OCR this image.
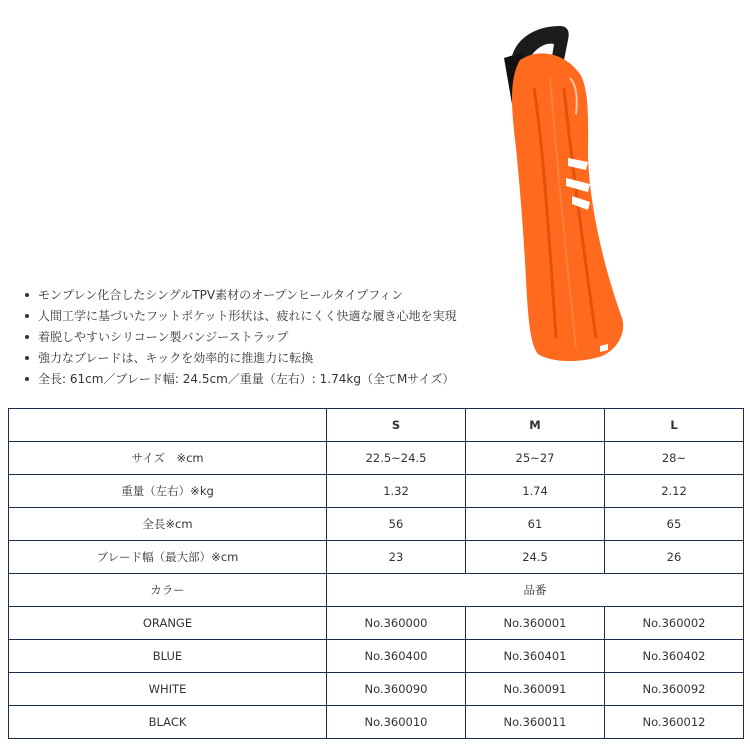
モンプレン化合したシングルTPV素材のオープンヒールタイプフィン
人間工学に基づいたフットポケット形状は、疲れにくく快適な履き心地を実現
着脱しやすいシリコーン製バンジーストラップ
強力なブレードは、キックを効率的に推進力に転換
全長: 61cm／ブレード幅: 24.5cm／重量（左右）: 1.74kg（全てMサイズ）
	S	M	L
サイズ　※cm	22.5~24.5	25~27	28~
重量（左右）※kg	1.32	1.74	2.12
全長※cm	56	61	65
ブレード幅（最大部）※cm	23	24.5	26
カラー	品番		
ORANGE	No.360000	No.360001	No.360002
BLUE	No.360400	No.360401	No.360402
WHITE	No.360090	No.360091	No.360092
BLACK	No.360010	No.360011	No.360012
